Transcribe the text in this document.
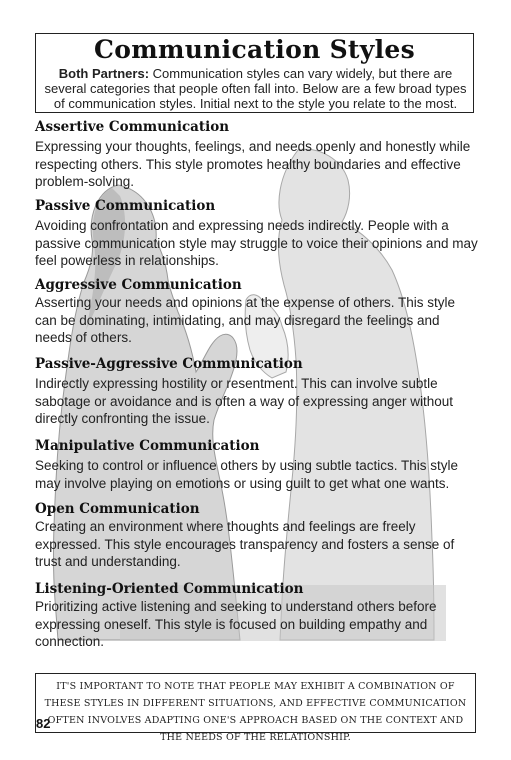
Communication Styles
Both Partners: Communication styles can vary widely, but there are several categories that people often fall into. Below are a few broad types of communication styles. Initial next to the style you relate to the most.
Assertive Communication
Expressing your thoughts, feelings, and needs openly and honestly while respecting others. This style promotes healthy boundaries and effective problem-solving.
Passive Communication
Avoiding confrontation and expressing needs indirectly. People with a passive communication style may struggle to voice their opinions and may feel powerless in relationships.
Aggressive Communication
Asserting your needs and opinions at the expense of others. This style can be dominating, intimidating, and may disregard the feelings and needs of others.
Passive-Aggressive Communication
Indirectly expressing hostility or resentment. This can involve subtle sabotage or avoidance and is often a way of expressing anger without directly confronting the issue.
Manipulative Communication
Seeking to control or influence others by using subtle tactics. This style may involve playing on emotions or using guilt to get what one wants.
Open Communication
Creating an environment where thoughts and feelings are freely expressed. This style encourages transparency and fosters a sense of trust and understanding.
Listening-Oriented Communication
Prioritizing active listening and seeking to understand others before expressing oneself. This style is focused on building empathy and connection.
IT'S IMPORTANT TO NOTE THAT PEOPLE MAY EXHIBIT A COMBINATION OF THESE STYLES IN DIFFERENT SITUATIONS, AND EFFECTIVE COMMUNICATION OFTEN INVOLVES ADAPTING ONE'S APPROACH BASED ON THE CONTEXT AND THE NEEDS OF THE RELATIONSHIP.
82
